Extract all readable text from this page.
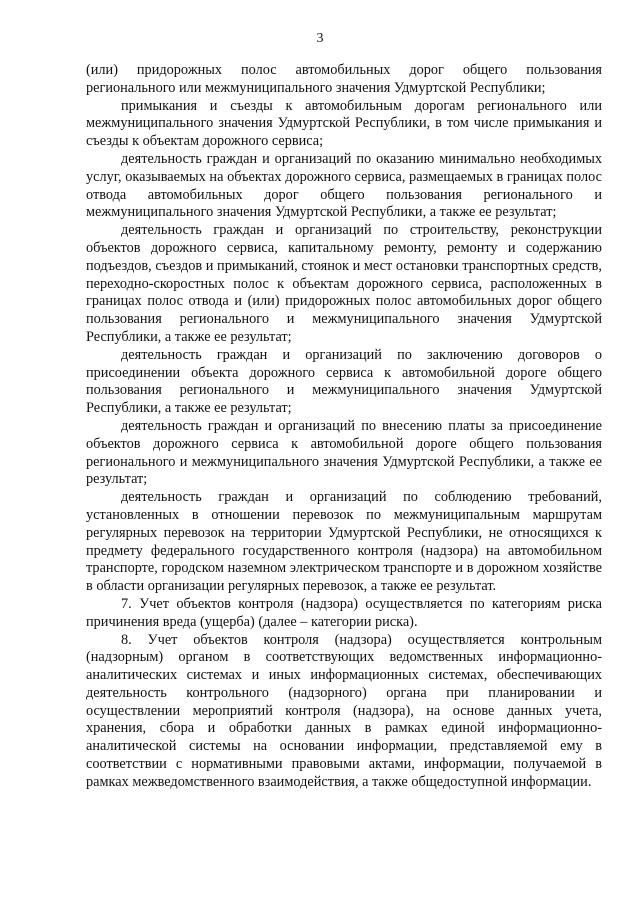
3

(или) придорожных полос автомобильных дорог общего пользования регионального или межмуниципального значения Удмуртской Республики;

примыкания и съезды к автомобильным дорогам регионального или межмуниципального значения Удмуртской Республики, в том числе примыкания и съезды к объектам дорожного сервиса;

деятельность граждан и организаций по оказанию минимально необходимых услуг, оказываемых на объектах дорожного сервиса, размещаемых в границах полос отвода автомобильных дорог общего пользования регионального и межмуниципального значения Удмуртской Республики, а также ее результат;

деятельность граждан и организаций по строительству, реконструкции объектов дорожного сервиса, капитальному ремонту, ремонту и содержанию подъездов, съездов и примыканий, стоянок и мест остановки транспортных средств, переходно-скоростных полос к объектам дорожного сервиса, расположенных в границах полос отвода и (или) придорожных полос автомобильных дорог общего пользования регионального и межмуниципального значения Удмуртской Республики, а также ее результат;

деятельность граждан и организаций по заключению договоров о присоединении объекта дорожного сервиса к автомобильной дороге общего пользования регионального и межмуниципального значения Удмуртской Республики, а также ее результат;

деятельность граждан и организаций по внесению платы за присоединение объектов дорожного сервиса к автомобильной дороге общего пользования регионального и межмуниципального значения Удмуртской Республики, а также ее результат;

деятельность граждан и организаций по соблюдению требований, установленных в отношении перевозок по межмуниципальным маршрутам регулярных перевозок на территории Удмуртской Республики, не относящихся к предмету федерального государственного контроля (надзора) на автомобильном транспорте, городском наземном электрическом транспорте и в дорожном хозяйстве в области организации регулярных перевозок, а также ее результат.

7. Учет объектов контроля (надзора) осуществляется по категориям риска причинения вреда (ущерба) (далее – категории риска).

8. Учет объектов контроля (надзора) осуществляется контрольным (надзорным) органом в соответствующих ведомственных информационно-аналитических системах и иных информационных системах, обеспечивающих деятельность контрольного (надзорного) органа при планировании и осуществлении мероприятий контроля (надзора), на основе данных учета, хранения, сбора и обработки данных в рамках единой информационно-аналитической системы на основании информации, представляемой ему в соответствии с нормативными правовыми актами, информации, получаемой в рамках межведомственного взаимодействия, а также общедоступной информации.
